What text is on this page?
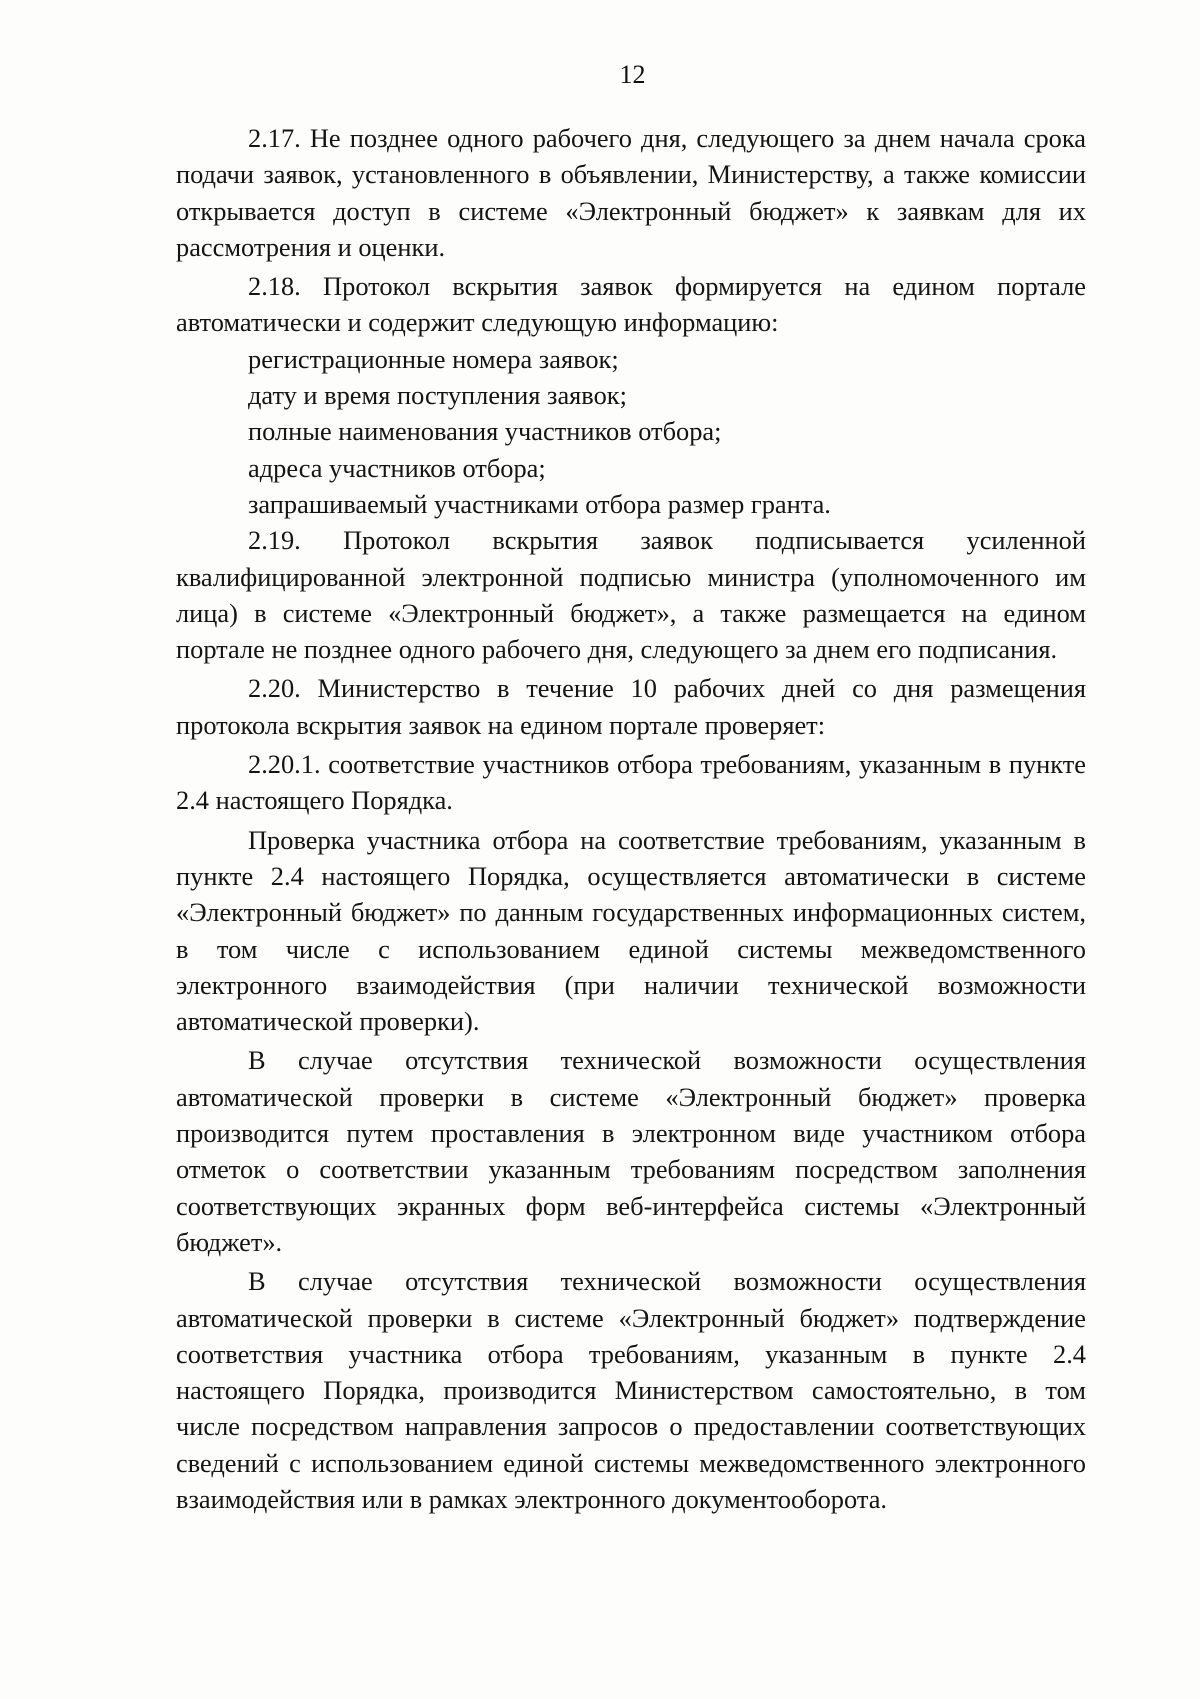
12

2.17. Не позднее одного рабочего дня, следующего за днем начала срока подачи заявок, установленного в объявлении, Министерству, а также комиссии открывается доступ в системе «Электронный бюджет» к заявкам для их рассмотрения и оценки.

2.18. Протокол вскрытия заявок формируется на едином портале автоматически и содержит следующую информацию:

регистрационные номера заявок;

дату и время поступления заявок;

полные наименования участников отбора;

адреса участников отбора;

запрашиваемый участниками отбора размер гранта.

2.19. Протокол вскрытия заявок подписывается усиленной квалифицированной электронной подписью министра (уполномоченного им лица) в системе «Электронный бюджет», а также размещается на едином портале не позднее одного рабочего дня, следующего за днем его подписания.

2.20. Министерство в течение 10 рабочих дней со дня размещения протокола вскрытия заявок на едином портале проверяет:

2.20.1. соответствие участников отбора требованиям, указанным в пункте 2.4 настоящего Порядка.

Проверка участника отбора на соответствие требованиям, указанным в пункте 2.4 настоящего Порядка, осуществляется автоматически в системе «Электронный бюджет» по данным государственных информационных систем, в том числе с использованием единой системы межведомственного электронного взаимодействия (при наличии технической возможности автоматической проверки).

В случае отсутствия технической возможности осуществления автоматической проверки в системе «Электронный бюджет» проверка производится путем проставления в электронном виде участником отбора отметок о соответствии указанным требованиям посредством заполнения соответствующих экранных форм веб-интерфейса системы «Электронный бюджет».

В случае отсутствия технической возможности осуществления автоматической проверки в системе «Электронный бюджет» подтверждение соответствия участника отбора требованиям, указанным в пункте 2.4 настоящего Порядка, производится Министерством самостоятельно, в том числе посредством направления запросов о предоставлении соответствующих сведений с использованием единой системы межведомственного электронного взаимодействия или в рамках электронного документооборота.
